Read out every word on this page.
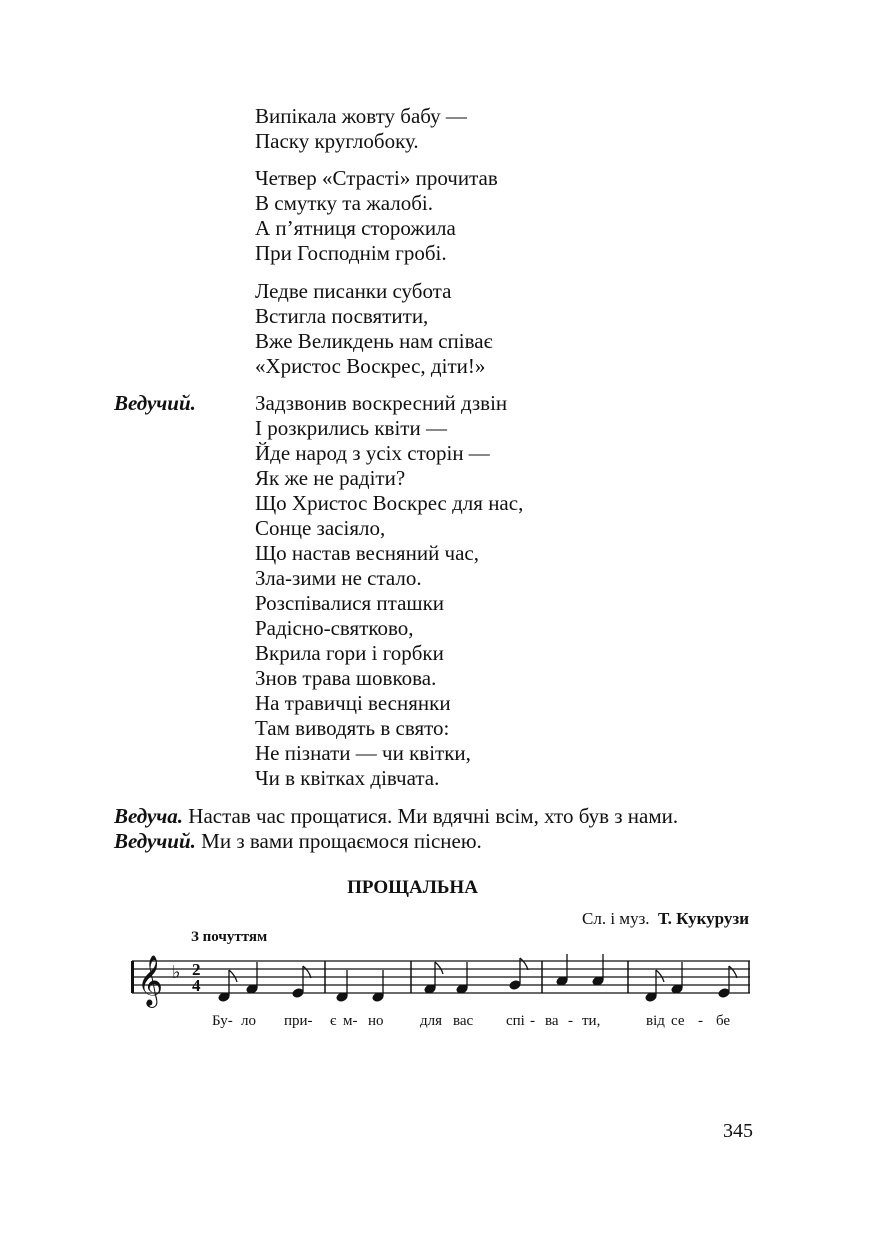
Випікала жовту бабу —
Паску круглобоку.
Четвер «Страсті» прочитав
В смутку та жалобі.
А п’ятниця сторожила
При Господнім гробі.
Ледве писанки субота
Встигла посвятити,
Вже Великдень нам співає
«Христос Воскрес, діти!»
Ведучий.	Задзвонив воскресний дзвін
І розкрились квіти —
Йде народ з усіх сторін —
Як же не радіти?
Що Христос Воскрес для нас,
Сонце засіяло,
Що настав весняний час,
Зла-зими не стало.
Розспівалися пташки
Радісно-святково,
Вкрила гори і горбки
Знов трава шовкова.
На травичці веснянки
Там виводять в свято:
Не пізнати — чи квітки,
Чи в квітках дівчата.
Ведуча. Настав час прощатися. Ми вдячні всім, хто був з нами.
Ведучий. Ми з вами прощаємося піснею.
ПРОЩАЛЬНА
Сл. і муз. Т. Кукурузи
З почуттям
𝄞 ♭ 2
4
Бу- ло при- є м- но для вас спі - ва - ти,	від се - бе
345
